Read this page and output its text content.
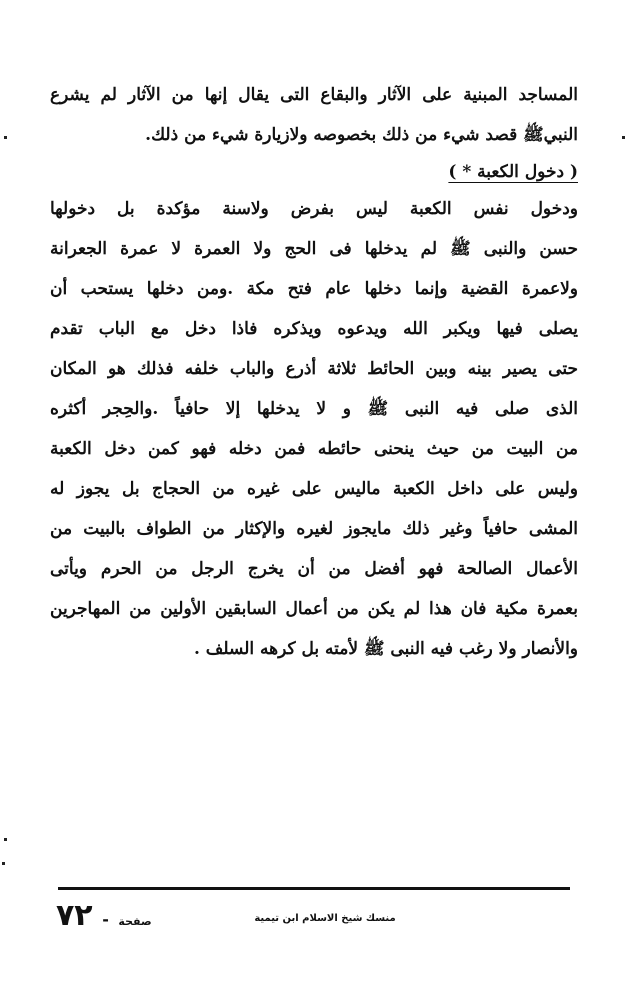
المساجد المبنية على الآثار والبقاع التى يقال إنها من الآثار لم يشرع
النبيﷺ قصد شيء من ذلك بخصوصه ولازيارة شيء من ذلك.
( دخول الكعبة * )
ودخول نفس الكعبة ليس بفرض ولاسنة مؤكدة بل دخولها
حسن والنبى ﷺ لم يدخلها فى الحج ولا العمرة لا عمرة الجعرانة
ولاعمرة القضية وإنما دخلها عام فتح مكة .ومن دخلها يستحب أن
يصلى فيها ويكبر الله ويدعوه ويذكره فاذا دخل مع الباب تقدم
حتى يصير بينه وبين الحائط ثلاثة أذرع والباب خلفه فذلك هو المكان
الذى صلى فيه النبى ﷺ و لا يدخلها إلا حافياً .والحِجر أكثره
من البيت من حيث ينحنى حائطه فمن دخله فهو كمن دخل الكعبة
وليس على داخل الكعبة ماليس على غيره من الحجاج بل يجوز له
المشى حافياً وغير ذلك مايجوز لغيره والإكثار من الطواف بالبيت من
الأعمال الصالحة فهو أفضل من أن يخرج الرجل من الحرم ويأتى
بعمرة مكية فان هذا لم يكن من أعمال السابقين الأولين من المهاجرين
والأنصار ولا رغب فيه النبى ﷺ لأمته بل كرهه السلف .
منسك شيخ الاسلام ابن تيمية
صفحة - ٧٢
